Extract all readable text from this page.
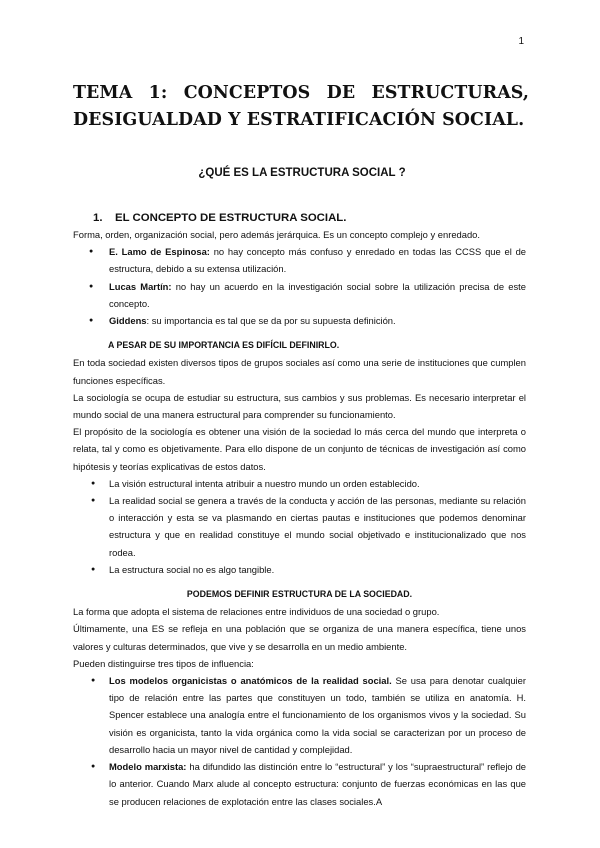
1
TEMA 1: CONCEPTOS DE ESTRUCTURAS,
DESIGUALDAD Y ESTRATIFICACIÓN SOCIAL.
¿QUÉ ES LA ESTRUCTURA SOCIAL ?
1. EL CONCEPTO DE ESTRUCTURA SOCIAL.

Forma, orden, organización social, pero además jerárquica. Es un concepto complejo y enredado.

● E. Lamo de Espinosa: no hay concepto más confuso y enredado en todas las CCSS que el de estructura, debido a su extensa utilización.
● Lucas Martín: no hay un acuerdo en la investigación social sobre la utilización precisa de este concepto.
● Giddens: su importancia es tal que se da por su supuesta definición.

A PESAR DE SU IMPORTANCIA ES DIFÍCIL DEFINIRLO.

En toda sociedad existen diversos tipos de grupos sociales así como una serie de instituciones que cumplen funciones específicas.

La sociología se ocupa de estudiar su estructura, sus cambios y sus problemas. Es necesario interpretar el mundo social de una manera estructural para comprender su funcionamiento.

El propósito de la sociología es obtener una visión de la sociedad lo más cerca del mundo que interpreta o relata, tal y como es objetivamente. Para ello dispone de un conjunto de técnicas de investigación así como hipótesis y teorías explicativas de estos datos.

● La visión estructural intenta atribuir a nuestro mundo un orden establecido.
● La realidad social se genera a través de la conducta y acción de las personas, mediante su relación o interacción y esta se va plasmando en ciertas pautas e instituciones que podemos denominar estructura y que en realidad constituye el mundo social objetivado e institucionalizado que nos rodea.
● La estructura social no es algo tangible.

PODEMOS DEFINIR ESTRUCTURA DE LA SOCIEDAD.

La forma que adopta el sistema de relaciones entre individuos de una sociedad o grupo.

Últimamente, una ES se refleja en una población que se organiza de una manera específica, tiene unos valores y culturas determinados, que vive y se desarrolla en un medio ambiente.

Pueden distinguirse tres tipos de influencia:

● Los modelos organicistas o anatómicos de la realidad social. Se usa para denotar cualquier tipo de relación entre las partes que constituyen un todo, también se utiliza en anatomía. H. Spencer establece una analogía entre el funcionamiento de los organismos vivos y la sociedad. Su visión es organicista, tanto la vida orgánica como la vida social se caracterizan por un proceso de desarrollo hacia un mayor nivel de cantidad y complejidad.
● Modelo marxista: ha difundido las distinción entre lo “estructural” y los “supraestructural” reflejo de lo anterior. Cuando Marx alude al concepto estructura: conjunto de fuerzas económicas en las que se producen relaciones de explotación entre las clases sociales.A
